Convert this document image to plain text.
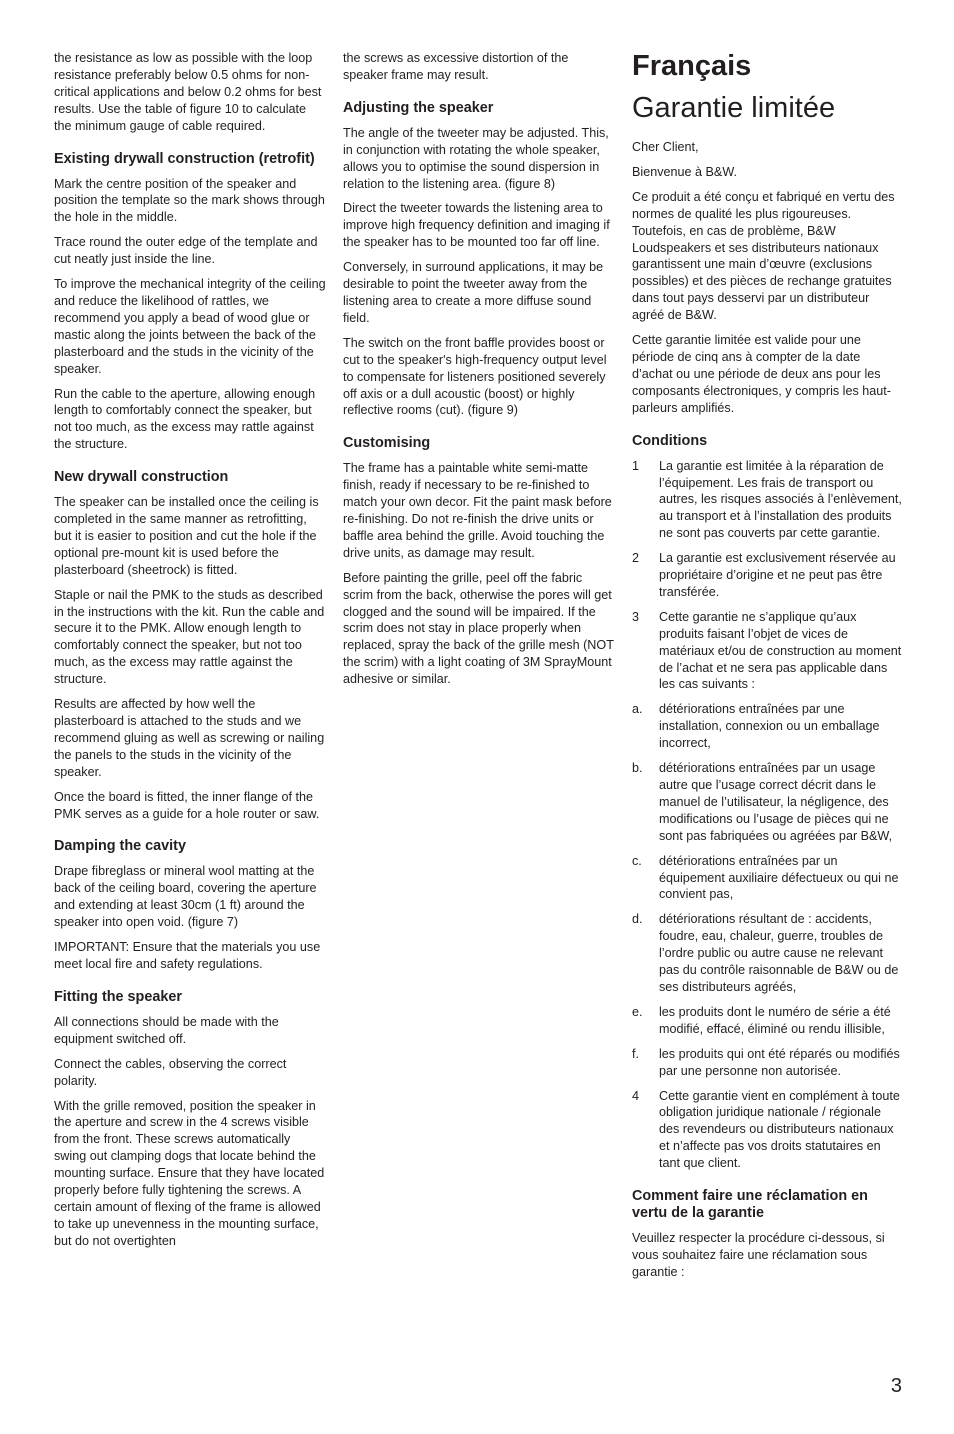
the resistance as low as possible with the loop resistance preferably below 0.5 ohms for non-critical applications and below 0.2 ohms for best results. Use the table of figure 10 to calculate the minimum gauge of cable required.

Existing drywall construction (retrofit)

Mark the centre position of the speaker and position the template so the mark shows through the hole in the middle.

Trace round the outer edge of the template and cut neatly just inside the line.

To improve the mechanical integrity of the ceiling and reduce the likelihood of rattles, we recommend you apply a bead of wood glue or mastic along the joints between the back of the plasterboard and the studs in the vicinity of the speaker.

Run the cable to the aperture, allowing enough length to comfortably connect the speaker, but not too much, as the excess may rattle against the structure.

New drywall construction

The speaker can be installed once the ceiling is completed in the same manner as retrofitting, but it is easier to position and cut the hole if the optional pre-mount kit is used before the plasterboard (sheetrock) is fitted.

Staple or nail the PMK to the studs as described in the instructions with the kit. Run the cable and secure it to the PMK. Allow enough length to comfortably connect the speaker, but not too much, as the excess may rattle against the structure.

Results are affected by how well the plasterboard is attached to the studs and we recommend gluing as well as screwing or nailing the panels to the studs in the vicinity of the speaker.

Once the board is fitted, the inner flange of the PMK serves as a guide for a hole router or saw.

Damping the cavity

Drape fibreglass or mineral wool matting at the back of the ceiling board, covering the aperture and extending at least 30cm (1 ft) around the speaker into open void. (figure 7)

IMPORTANT: Ensure that the materials you use meet local fire and safety regulations.

Fitting the speaker

All connections should be made with the equipment switched off.

Connect the cables, observing the correct polarity.

With the grille removed, position the speaker in the aperture and screw in the 4 screws visible from the front. These screws automatically swing out clamping dogs that locate behind the mounting surface. Ensure that they have located properly before fully tightening the screws. A certain amount of flexing of the frame is allowed to take up unevenness in the mounting surface, but do not overtighten

the screws as excessive distortion of the speaker frame may result.

Adjusting the speaker

The angle of the tweeter may be adjusted. This, in conjunction with rotating the whole speaker, allows you to optimise the sound dispersion in relation to the listening area. (figure 8)

Direct the tweeter towards the listening area to improve high frequency definition and imaging if the speaker has to be mounted too far off line.

Conversely, in surround applications, it may be desirable to point the tweeter away from the listening area to create a more diffuse sound field.

The switch on the front baffle provides boost or cut to the speaker's high-frequency output level to compensate for listeners positioned severely off axis or a dull acoustic (boost) or highly reflective rooms (cut). (figure 9)

Customising

The frame has a paintable white semi-matte finish, ready if necessary to be re-finished to match your own decor. Fit the paint mask before re-finishing. Do not re-finish the drive units or baffle area behind the grille. Avoid touching the drive units, as damage may result.

Before painting the grille, peel off the fabric scrim from the back, otherwise the pores will get clogged and the sound will be impaired. If the scrim does not stay in place properly when replaced, spray the back of the grille mesh (NOT the scrim) with a light coating of 3M SprayMount adhesive or similar.

Français
Garantie limitée

Cher Client,

Bienvenue à B&W.

Ce produit a été conçu et fabriqué en vertu des normes de qualité les plus rigoureuses. Toutefois, en cas de problème, B&W Loudspeakers et ses distributeurs nationaux garantissent une main d’œuvre (exclusions possibles) et des pièces de rechange gratuites dans tout pays desservi par un distributeur agréé de B&W.

Cette garantie limitée est valide pour une période de cinq ans à compter de la date d’achat ou une période de deux ans pour les composants électroniques, y compris les haut-parleurs amplifiés.

Conditions
1 La garantie est limitée à la réparation de l’équipement. Les frais de transport ou autres, les risques associés à l’enlèvement, au transport et à l’installation des produits ne sont pas couverts par cette garantie.
2 La garantie est exclusivement réservée au propriétaire d’origine et ne peut pas être transférée.
3 Cette garantie ne s’applique qu’aux produits faisant l’objet de vices de matériaux et/ou de construction au moment de l’achat et ne sera pas applicable dans les cas suivants :
a. détériorations entraînées par une installation, connexion ou un emballage incorrect,
b. détériorations entraînées par un usage autre que l’usage correct décrit dans le manuel de l’utilisateur, la négligence, des modifications ou l’usage de pièces qui ne sont pas fabriquées ou agréées par B&W,
c. détériorations entraînées par un équipement auxiliaire défectueux ou qui ne convient pas,
d. détériorations résultant de : accidents, foudre, eau, chaleur, guerre, troubles de l’ordre public ou autre cause ne relevant pas du contrôle raisonnable de B&W ou de ses distributeurs agréés,
e. les produits dont le numéro de série a été modifié, effacé, éliminé ou rendu illisible,
f. les produits qui ont été réparés ou modifiés par une personne non autorisée.
4 Cette garantie vient en complément à toute obligation juridique nationale / régionale des revendeurs ou distributeurs nationaux et n’affecte pas vos droits statutaires en tant que client.
Comment faire une réclamation en vertu de la garantie

Veuillez respecter la procédure ci-dessous, si vous souhaitez faire une réclamation sous garantie :

3
